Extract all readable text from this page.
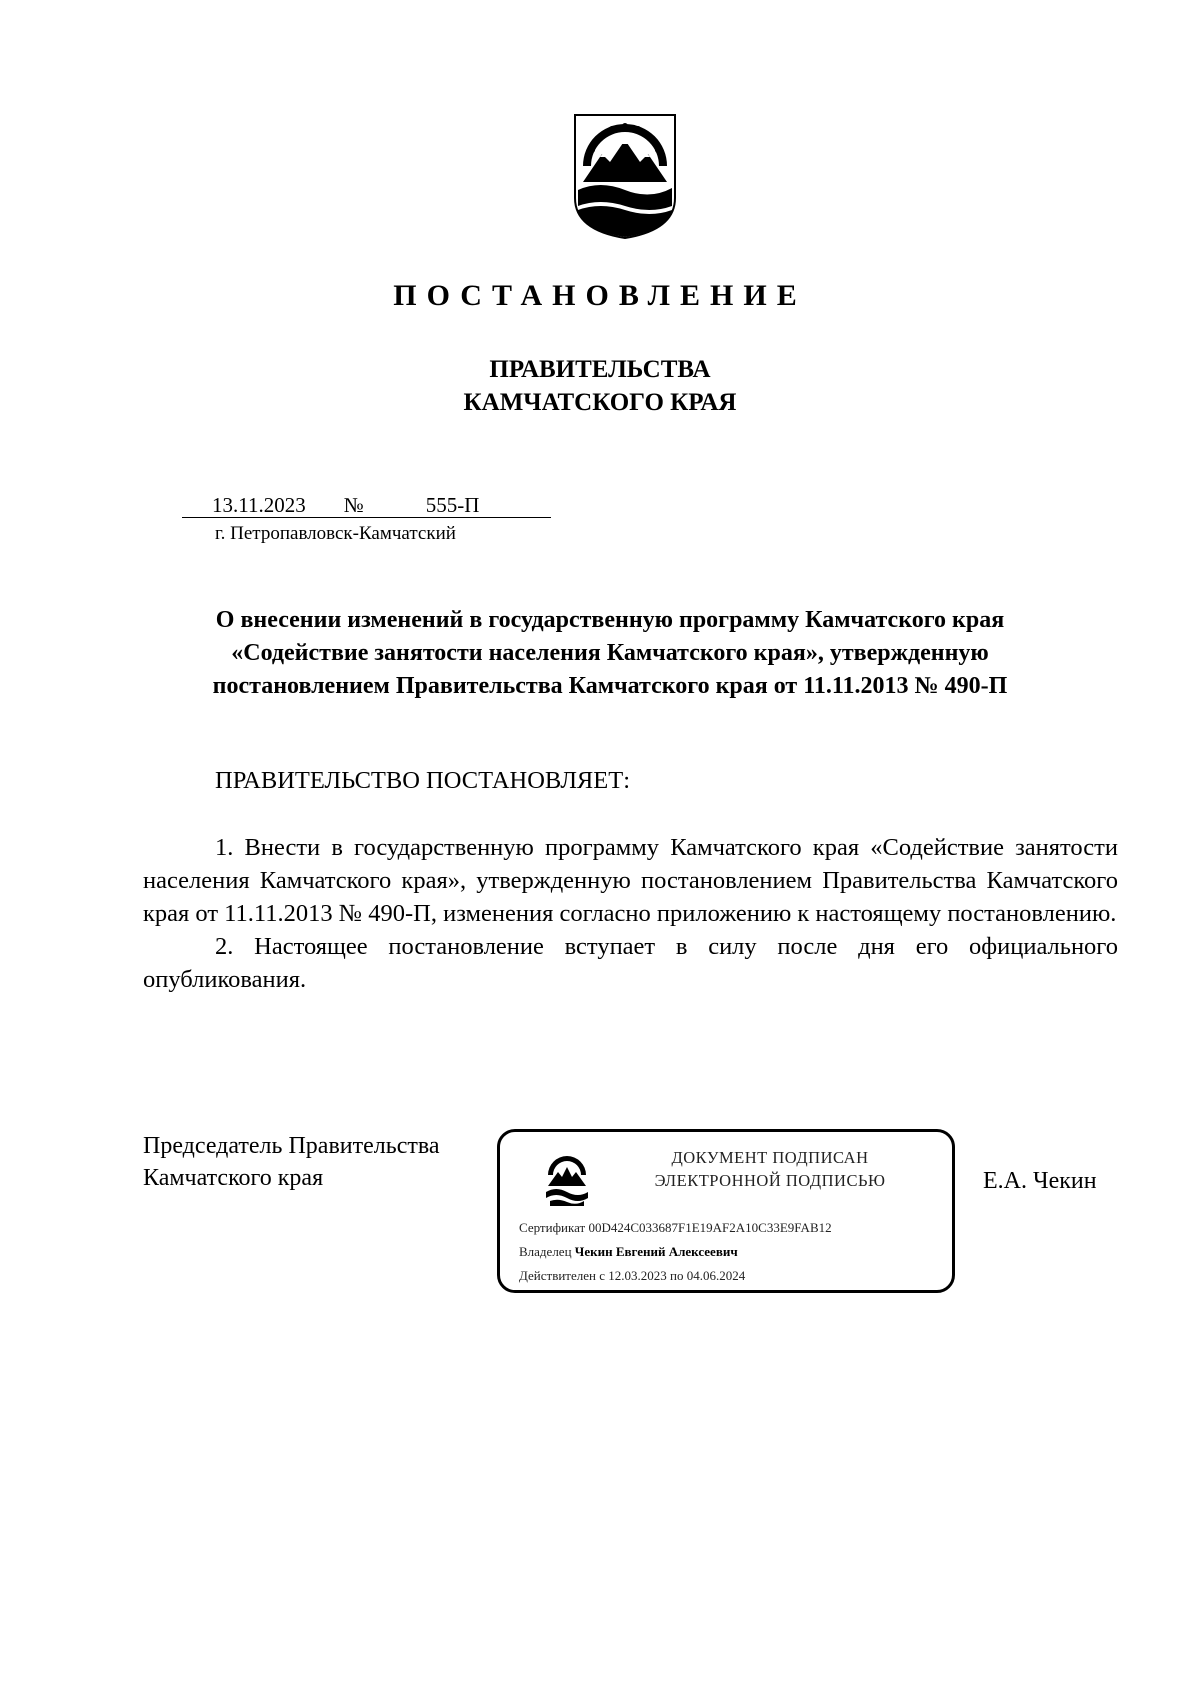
ПОСТАНОВЛЕНИЕ
ПРАВИТЕЛЬСТВА
КАМЧАТСКОГО КРАЯ
13.11.2023 №	555-П
г. Петропавловск-Камчатский
О внесении изменений в государственную программу Камчатского края
«Содействие занятости населения Камчатского края», утвержденную
постановлением Правительства Камчатского края от 11.11.2013 № 490-П
ПРАВИТЕЛЬСТВО ПОСТАНОВЛЯЕТ:

1. Внести в государственную программу Камчатского края «Содействие занятости населения Камчатского края», утвержденную постановлением Правительства Камчатского края от 11.11.2013 № 490-П, изменения согласно приложению к настоящему постановлению.

2. Настоящее постановление вступает в силу после дня его официального опубликования.

Председатель Правительства
Камчатского края
ДОКУМЕНТ ПОДПИСАН
ЭЛЕКТРОННОЙ ПОДПИСЬЮ
Сертификат 00D424C033687F1E19AF2A10C33E9FAB12
Владелец Чекин Евгений Алексеевич
Действителен с 12.03.2023 по 04.06.2024
Е.А. Чекин
